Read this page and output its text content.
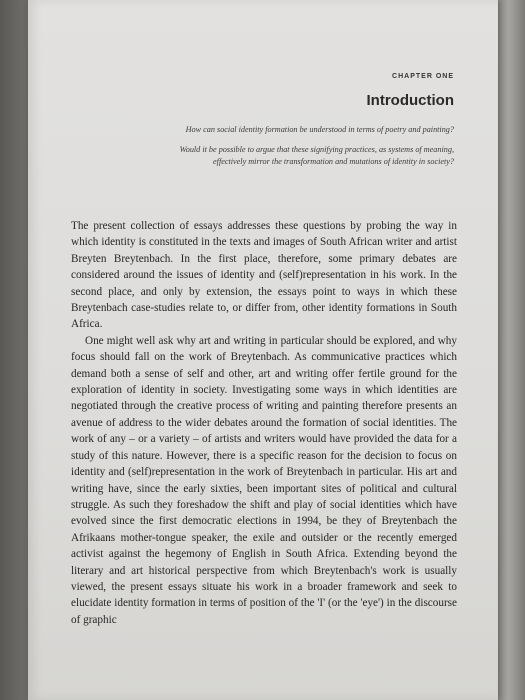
CHAPTER ONE
Introduction

How can social identity formation be understood in terms of poetry and painting?

Would it be possible to argue that these signifying practices, as systems of meaning, effectively mirror the transformation and mutations of identity in society?

The present collection of essays addresses these questions by probing the way in which identity is constituted in the texts and images of South African writer and artist Breyten Breytenbach. In the first place, therefore, some primary debates are considered around the issues of identity and (self)representation in his work. In the second place, and only by extension, the essays point to ways in which these Breytenbach case-studies relate to, or differ from, other identity formations in South Africa.

One might well ask why art and writing in particular should be explored, and why focus should fall on the work of Breytenbach. As communicative practices which demand both a sense of self and other, art and writing offer fertile ground for the exploration of identity in society. Investigating some ways in which identities are negotiated through the creative process of writing and painting therefore presents an avenue of address to the wider debates around the formation of social identities. The work of any – or a variety – of artists and writers would have provided the data for a study of this nature. However, there is a specific reason for the decision to focus on identity and (self)representation in the work of Breytenbach in particular. His art and writing have, since the early sixties, been important sites of political and cultural struggle. As such they foreshadow the shift and play of social identities which have evolved since the first democratic elections in 1994, be they of Breytenbach the Afrikaans mother-tongue speaker, the exile and outsider or the recently emerged activist against the hegemony of English in South Africa. Extending beyond the literary and art historical perspective from which Breytenbach's work is usually viewed, the present essays situate his work in a broader framework and seek to elucidate identity formation in terms of position of the 'I' (or the 'eye') in the discourse of graphic
